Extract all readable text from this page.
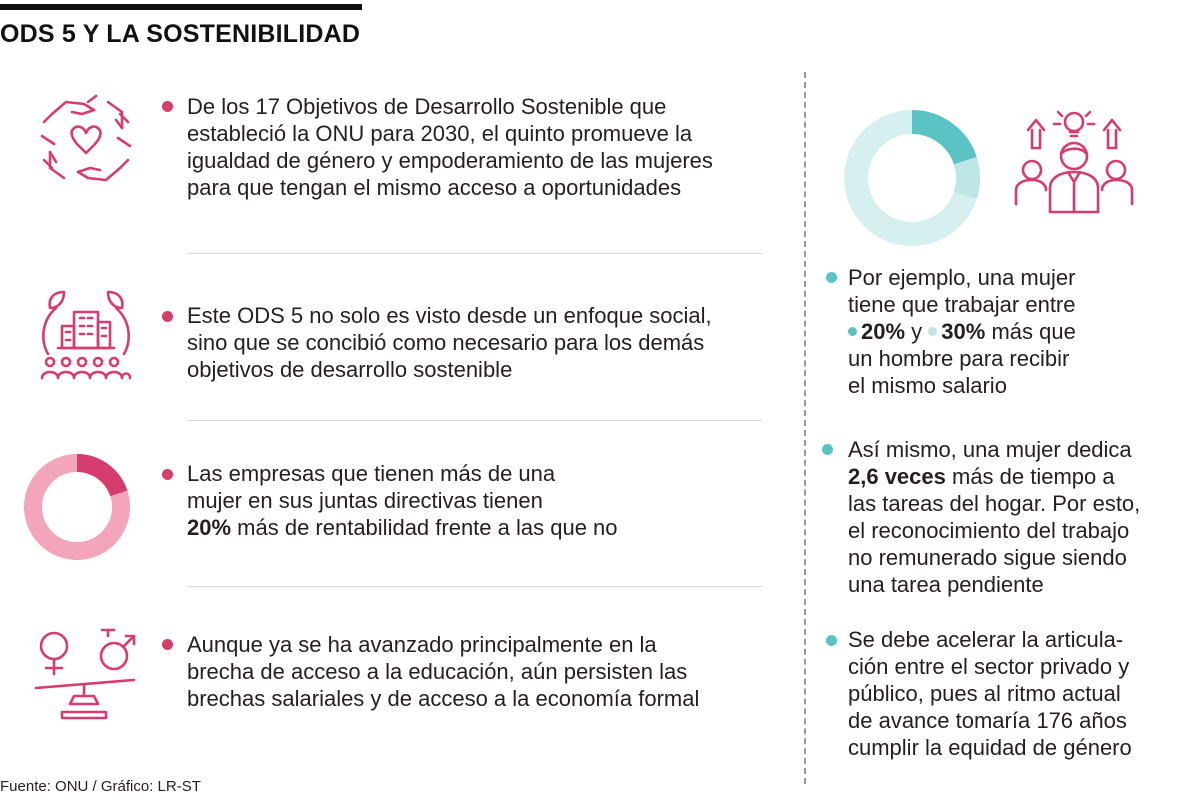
ODS 5 Y LA SOSTENIBILIDAD
De los 17 Objetivos de Desarrollo Sostenible que
estableció la ONU para 2030, el quinto promueve la
igualdad de género y empoderamiento de las mujeres
para que tengan el mismo acceso a oportunidades
Este ODS 5 no solo es visto desde un enfoque social,
sino que se concibió como necesario para los demás
objetivos de desarrollo sostenible
Las empresas que tienen más de una
mujer en sus juntas directivas tienen
20% más de rentabilidad frente a las que no
Aunque ya se ha avanzado principalmente en la
brecha de acceso a la educación, aún persisten las
brechas salariales y de acceso a la economía formal
Por ejemplo, una mujer
tiene que trabajar entre
20% y 30% más que
un hombre para recibir
el mismo salario
Así mismo, una mujer dedica
2,6 veces más de tiempo a
las tareas del hogar. Por esto,
el reconocimiento del trabajo
no remunerado sigue siendo
una tarea pendiente
Se debe acelerar la articula-
ción entre el sector privado y
público, pues al ritmo actual
de avance tomaría 176 años
cumplir la equidad de género
Fuente: ONU / Gráfico: LR-ST
